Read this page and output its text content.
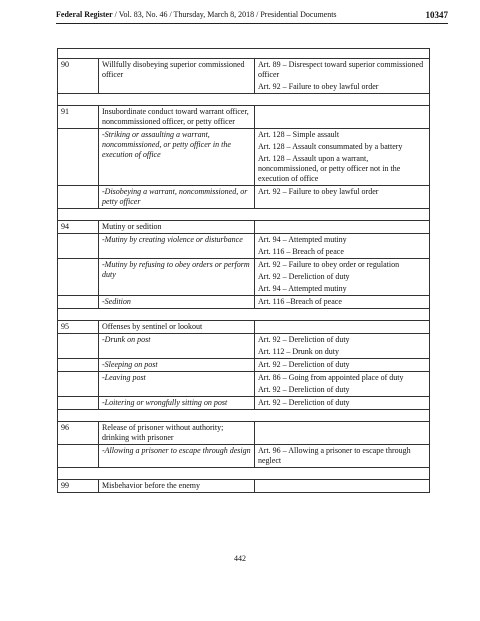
Federal Register / Vol. 83, No. 46 / Thursday, March 8, 2018 / Presidential Documents	10347

90	Willfully disobeying superior commissioned officer	Art. 89 – Disrespect toward superior commissioned officer
Art. 92 – Failure to obey lawful order

91	Insubordinate conduct toward warrant officer, noncommissioned officer, or petty officer	
	-Striking or assaulting a warrant, noncommissioned, or petty officer in the execution of office	Art. 128 – Simple assault
Art. 128 – Assault consummated by a battery
Art. 128 – Assault upon a warrant, noncommissioned, or petty officer not in the execution of office

	-Disobeying a warrant, noncommissioned, or petty officer	Art. 92 – Failure to obey lawful order

94	Mutiny or sedition	
	-Mutiny by creating violence or disturbance	Art. 94 – Attempted mutiny
Art. 116 – Breach of peace

	-Mutiny by refusing to obey orders or perform duty	Art. 92 – Failure to obey order or regulation
Art. 92 – Dereliction of duty
Art. 94 – Attempted mutiny

	-Sedition	Art. 116 –Breach of peace

95	Offenses by sentinel or lookout	
	-Drunk on post	Art. 92 – Dereliction of duty
Art. 112 – Drunk on duty

	-Sleeping on post	Art. 92 – Dereliction of duty

	-Leaving post	Art. 86 – Going from appointed place of duty
Art. 92 – Dereliction of duty

	-Loitering or wrongfully sitting on post	Art. 92 – Dereliction of duty

96	Release of prisoner without authority; drinking with prisoner	
	-Allowing a prisoner to escape through design	Art. 96 – Allowing a prisoner to escape through neglect

99	Misbehavior before the enemy	
442
